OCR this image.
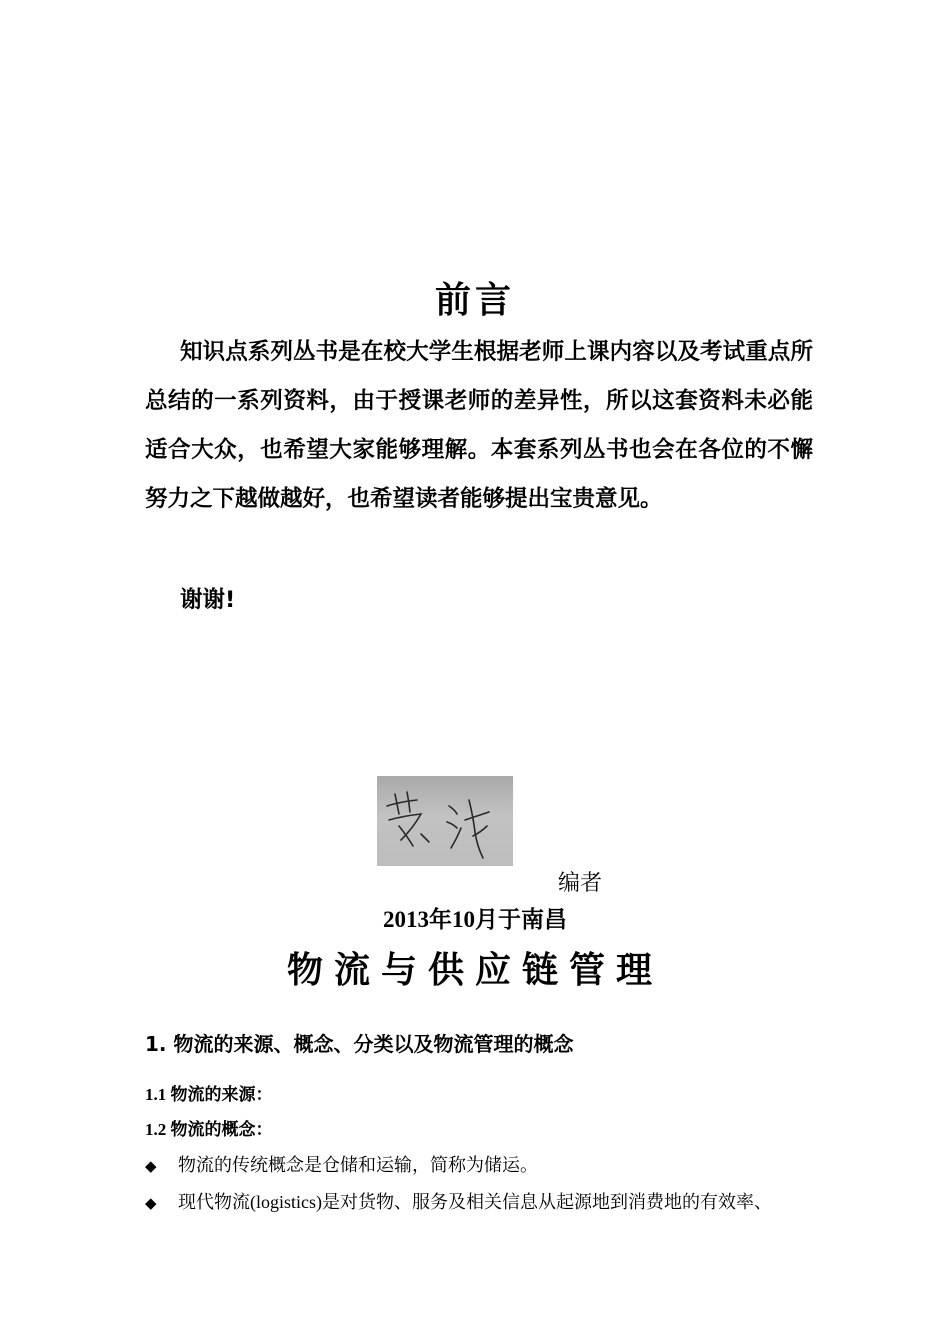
前言

知识点系列丛书是在校大学生根据老师上课内容以及考试重点所总结的一系列资料，由于授课老师的差异性，所以这套资料未必能适合大众，也希望大家能够理解。本套系列丛书也会在各位的不懈努力之下越做越好，也希望读者能够提出宝贵意见。

谢谢!
编者
2013年10月于南昌
物流与供应链管理
1. 物流的来源、概念、分类以及物流管理的概念
1.1 物流的来源：
1.2 物流的概念：
◆ 物流的传统概念是仓储和运输，简称为储运。
◆ 现代物流(logistics)是对货物、服务及相关信息从起源地到消费地的有效率、
